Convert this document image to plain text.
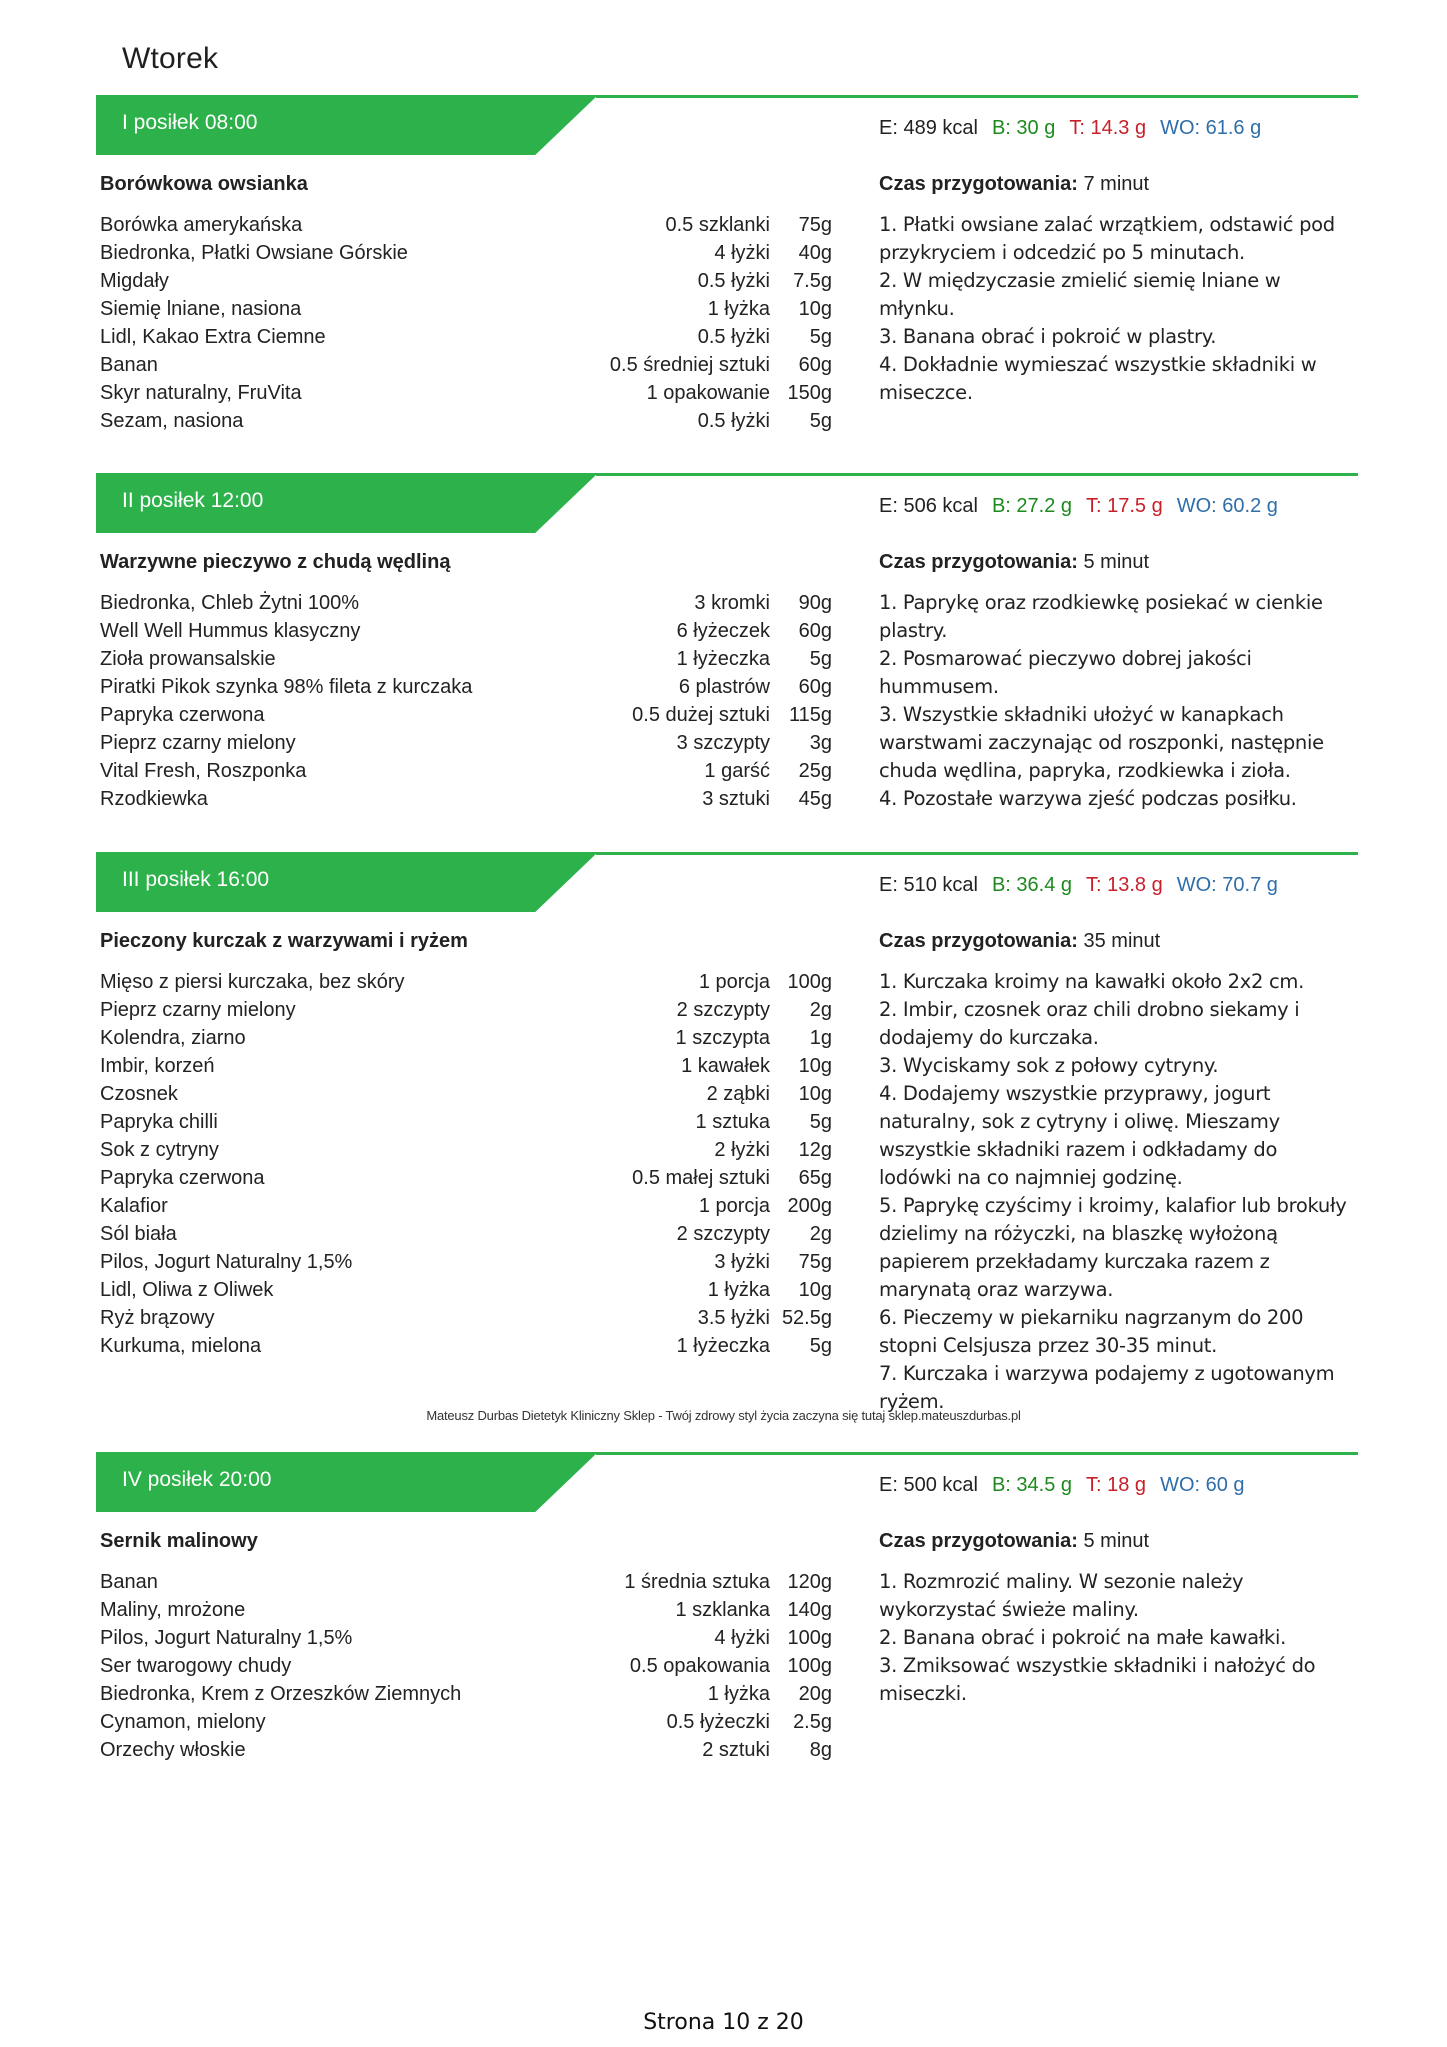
Wtorek
I posiłek 08:00	E: 489 kcal B: 30 g T: 14.3 g WO: 61.6 g
Borówkowa owsianka	Czas przygotowania: 7 minut
Borówka amerykańska	0.5 szklanki	75g
Biedronka, Płatki Owsiane Górskie	4 łyżki	40g
Migdały	0.5 łyżki	7.5g
Siemię lniane, nasiona	1 łyżka	10g
Lidl, Kakao Extra Ciemne	0.5 łyżki	5g
Banan	0.5 średniej sztuki	60g
Skyr naturalny, FruVita	1 opakowanie 150g
Sezam, nasiona	0.5 łyżki	5g
1. Płatki owsiane zalać wrzątkiem, odstawić pod przykryciem i odcedzić po 5 minutach.
2. W międzyczasie zmielić siemię lniane w młynku.
3. Banana obrać i pokroić w plastry.
4. Dokładnie wymieszać wszystkie składniki w miseczce.
II posiłek 12:00	E: 506 kcal B: 27.2 g T: 17.5 g WO: 60.2 g
Warzywne pieczywo z chudą wędliną	Czas przygotowania: 5 minut
Biedronka, Chleb Żytni 100%	3 kromki	90g
Well Well Hummus klasyczny	6 łyżeczek	60g
Zioła prowansalskie	1 łyżeczka	5g
Piratki Pikok szynka 98% fileta z kurczaka	6 plastrów	60g
Papryka czerwona	0.5 dużej sztuki 115g
Pieprz czarny mielony	3 szczypty	3g
Vital Fresh, Roszponka	1 garść	25g
Rzodkiewka	3 sztuki	45g
1. Paprykę oraz rzodkiewkę posiekać w cienkie plastry.
2. Posmarować pieczywo dobrej jakości hummusem.
3. Wszystkie składniki ułożyć w kanapkach warstwami zaczynając od roszponki, następnie chuda wędlina, papryka, rzodkiewka i zioła.
4. Pozostałe warzywa zjeść podczas posiłku.
III posiłek 16:00	E: 510 kcal B: 36.4 g T: 13.8 g WO: 70.7 g
Pieczony kurczak z warzywami i ryżem	Czas przygotowania: 35 minut
Mięso z piersi kurczaka, bez skóry	1 porcja 100g
Pieprz czarny mielony	2 szczypty	2g
Kolendra, ziarno	1 szczypta	1g
Imbir, korzeń	1 kawałek	10g
Czosnek	2 ząbki	10g
Papryka chilli	1 sztuka	5g
Sok z cytryny	2 łyżki	12g
Papryka czerwona	0.5 małej sztuki	65g
Kalafior	1 porcja 200g
Sól biała	2 szczypty	2g
Pilos, Jogurt Naturalny 1,5%	3 łyżki	75g
Lidl, Oliwa z Oliwek	1 łyżka	10g
Ryż brązowy	3.5 łyżki 52.5g
Kurkuma, mielona	1 łyżeczka	5g
1. Kurczaka kroimy na kawałki około 2x2 cm.
2. Imbir, czosnek oraz chili drobno siekamy i dodajemy do kurczaka.
3. Wyciskamy sok z połowy cytryny.
4. Dodajemy wszystkie przyprawy, jogurt naturalny, sok z cytryny i oliwę. Mieszamy wszystkie składniki razem i odkładamy do lodówki na co najmniej godzinę.
5. Paprykę czyścimy i kroimy, kalafior lub brokuły dzielimy na różyczki, na blaszkę wyłożoną papierem przekładamy kurczaka razem z marynatą oraz warzywa.
6. Pieczemy w piekarniku nagrzanym do 200 stopni Celsjusza przez 30-35 minut.
7. Kurczaka i warzywa podajemy z ugotowanym ryżem.
IV posiłek 20:00	E: 500 kcal B: 34.5 g T: 18 g WO: 60 g
Sernik malinowy	Czas przygotowania: 5 minut
Banan	1 średnia sztuka 120g
Maliny, mrożone	1 szklanka 140g
Pilos, Jogurt Naturalny 1,5%	4 łyżki 100g
Ser twarogowy chudy	0.5 opakowania 100g
Biedronka, Krem z Orzeszków Ziemnych	1 łyżka	20g
Cynamon, mielony	0.5 łyżeczki	2.5g
Orzechy włoskie	2 sztuki	8g
1. Rozmrozić maliny. W sezonie należy wykorzystać świeże maliny.
2. Banana obrać i pokroić na małe kawałki.
3. Zmiksować wszystkie składniki i nałożyć do miseczki.
Mateusz Durbas Dietetyk Kliniczny Sklep - Twój zdrowy styl życia zaczyna się tutaj sklep.mateuszdurbas.pl
Strona 10 z 20
